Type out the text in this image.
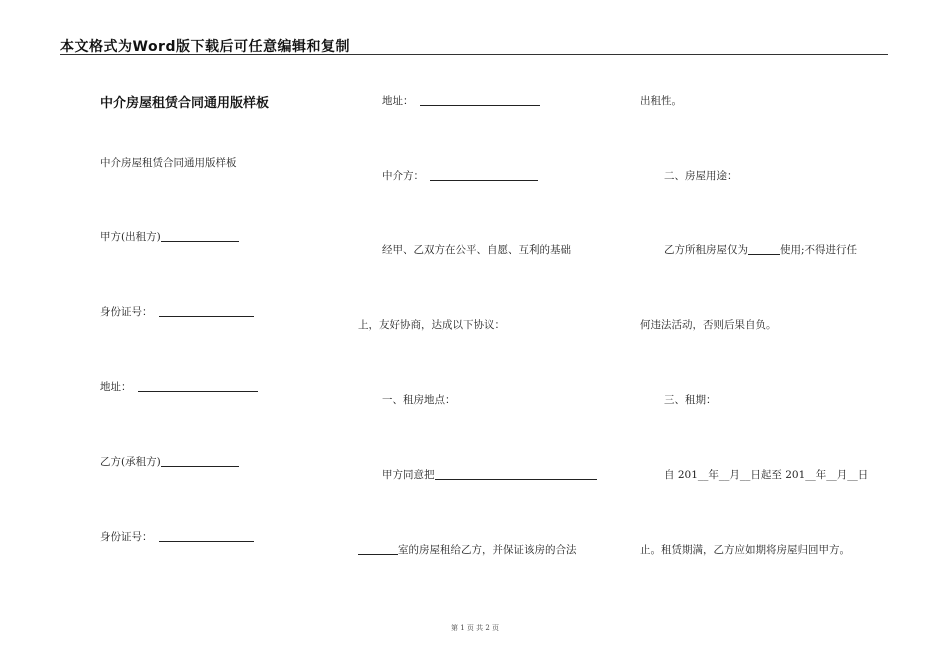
本文格式为Word版下载后可任意编辑和复制
中介房屋租赁合同通用版样板
中介房屋租赁合同通用版样板
甲方(出租方)
身份证号：
地址：
乙方(承租方)
身份证号：
地址：
中介方：
经甲、乙双方在公平、自愿、互利的基础
上，友好协商，达成以下协议：
一、租房地点：
甲方同意把
室的房屋租给乙方，并保证该房的合法
出租性。
二、房屋用途：
乙方所租房屋仅为	使用;不得进行任
何违法活动，否则后果自负。
三、租期：
自 201__年__月__日起至 201__年__月__日
止。租赁期满，乙方应如期将房屋归回甲方。
第 1 页 共 2 页
